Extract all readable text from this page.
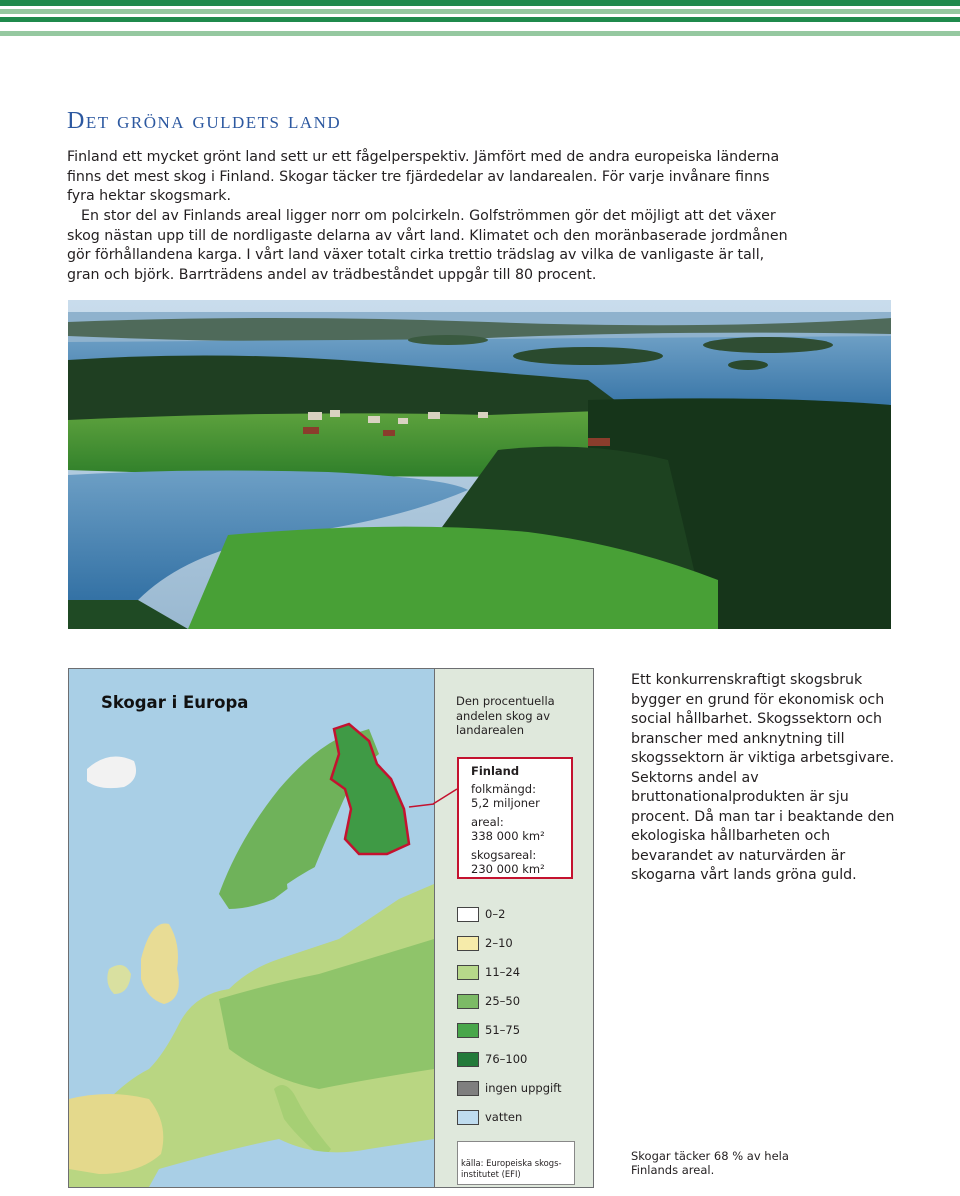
Det gröna guldets land

Finland ett mycket grönt land sett ur ett fågelperspektiv. Jämfört med de andra europeiska länderna finns det mest skog i Finland. Skogar täcker tre fjärdedelar av landarealen. För varje invånare finns fyra hektar skogsmark.

En stor del av Finlands areal ligger norr om polcirkeln. Golfströmmen gör det möjligt att det växer skog nästan upp till de nordligaste delarna av vårt land. Klimatet och den moränbaserade jordmånen gör förhållandena karga. I vårt land växer totalt cirka trettio trädslag av vilka de vanligaste är tall, gran och björk. Barrträdens andel av trädbeståndet uppgår till 80 procent.

Skogar i Europa	Den procentuella andelen skog av landarealen
Finland
folkmängd:
5,2 miljoner
areal:
338 000 km²
skogsareal:
230 000 km²
0–2
2–10
11–24
25–50
51–75
76–100
ingen uppgift
vatten
källa: Europeiska skogs-institutet (EFI)

Ett konkurrenskraftigt skogsbruk bygger en grund för ekonomisk och social hållbarhet. Skogssektorn och branscher med anknytning till skogssektorn är viktiga arbetsgivare. Sektorns andel av bruttonationalprodukten är sju procent. Då man tar i beaktande den ekologiska hållbarheten och bevarandet av naturvärden är skogarna vårt lands gröna guld.

Skogar täcker 68 % av hela Finlands areal.
